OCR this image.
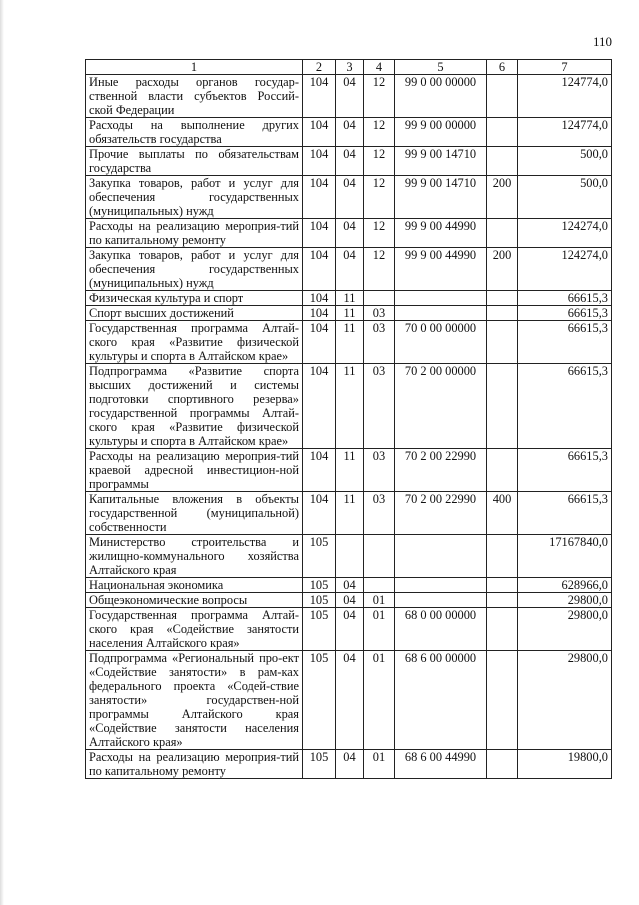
110
1	2	3	4	5	6	7
Иные расходы органов государ-ственной власти субъектов Россий-ской Федерации	104	04	12	99 0 00 00000		124774,0
Расходы на выполнение других обязательств государства	104	04	12	99 9 00 00000		124774,0
Прочие выплаты по обязательствам государства	104	04	12	99 9 00 14710		500,0
Закупка товаров, работ и услуг для обеспечения государственных (муниципальных) нужд	104	04	12	99 9 00 14710	200	500,0
Расходы на реализацию мероприя-тий по капитальному ремонту	104	04	12	99 9 00 44990		124274,0
Закупка товаров, работ и услуг для обеспечения государственных (муниципальных) нужд	104	04	12	99 9 00 44990	200	124274,0
Физическая культура и спорт	104	11				66615,3
Спорт высших достижений	104	11	03			66615,3
Государственная программа Алтай-ского края «Развитие физической культуры и спорта в Алтайском крае»	104	11	03	70 0 00 00000		66615,3
Подпрограмма «Развитие спорта высших достижений и системы подготовки спортивного резерва» государственной программы Алтай-ского края «Развитие физической культуры и спорта в Алтайском крае»	104	11	03	70 2 00 00000		66615,3
Расходы на реализацию мероприя-тий краевой адресной инвестицион-ной программы	104	11	03	70 2 00 22990		66615,3
Капитальные вложения в объекты государственной (муниципальной) собственности	104	11	03	70 2 00 22990	400	66615,3
Министерство строительства и жилищно-коммунального хозяйства Алтайского края	105					17167840,0
Национальная экономика	105	04				628966,0
Общеэкономические вопросы	105	04	01			29800,0
Государственная программа Алтай-ского края «Содействие занятости населения Алтайского края»	105	04	01	68 0 00 00000		29800,0
Подпрограмма «Региональный про-ект «Содействие занятости» в рам-ках федерального проекта «Содей-ствие занятости» государствен-ной программы Алтайского края «Содействие занятости населения Алтайского края»	105	04	01	68 6 00 00000		29800,0
Расходы на реализацию мероприя-тий по капитальному ремонту	105	04	01	68 6 00 44990		19800,0
